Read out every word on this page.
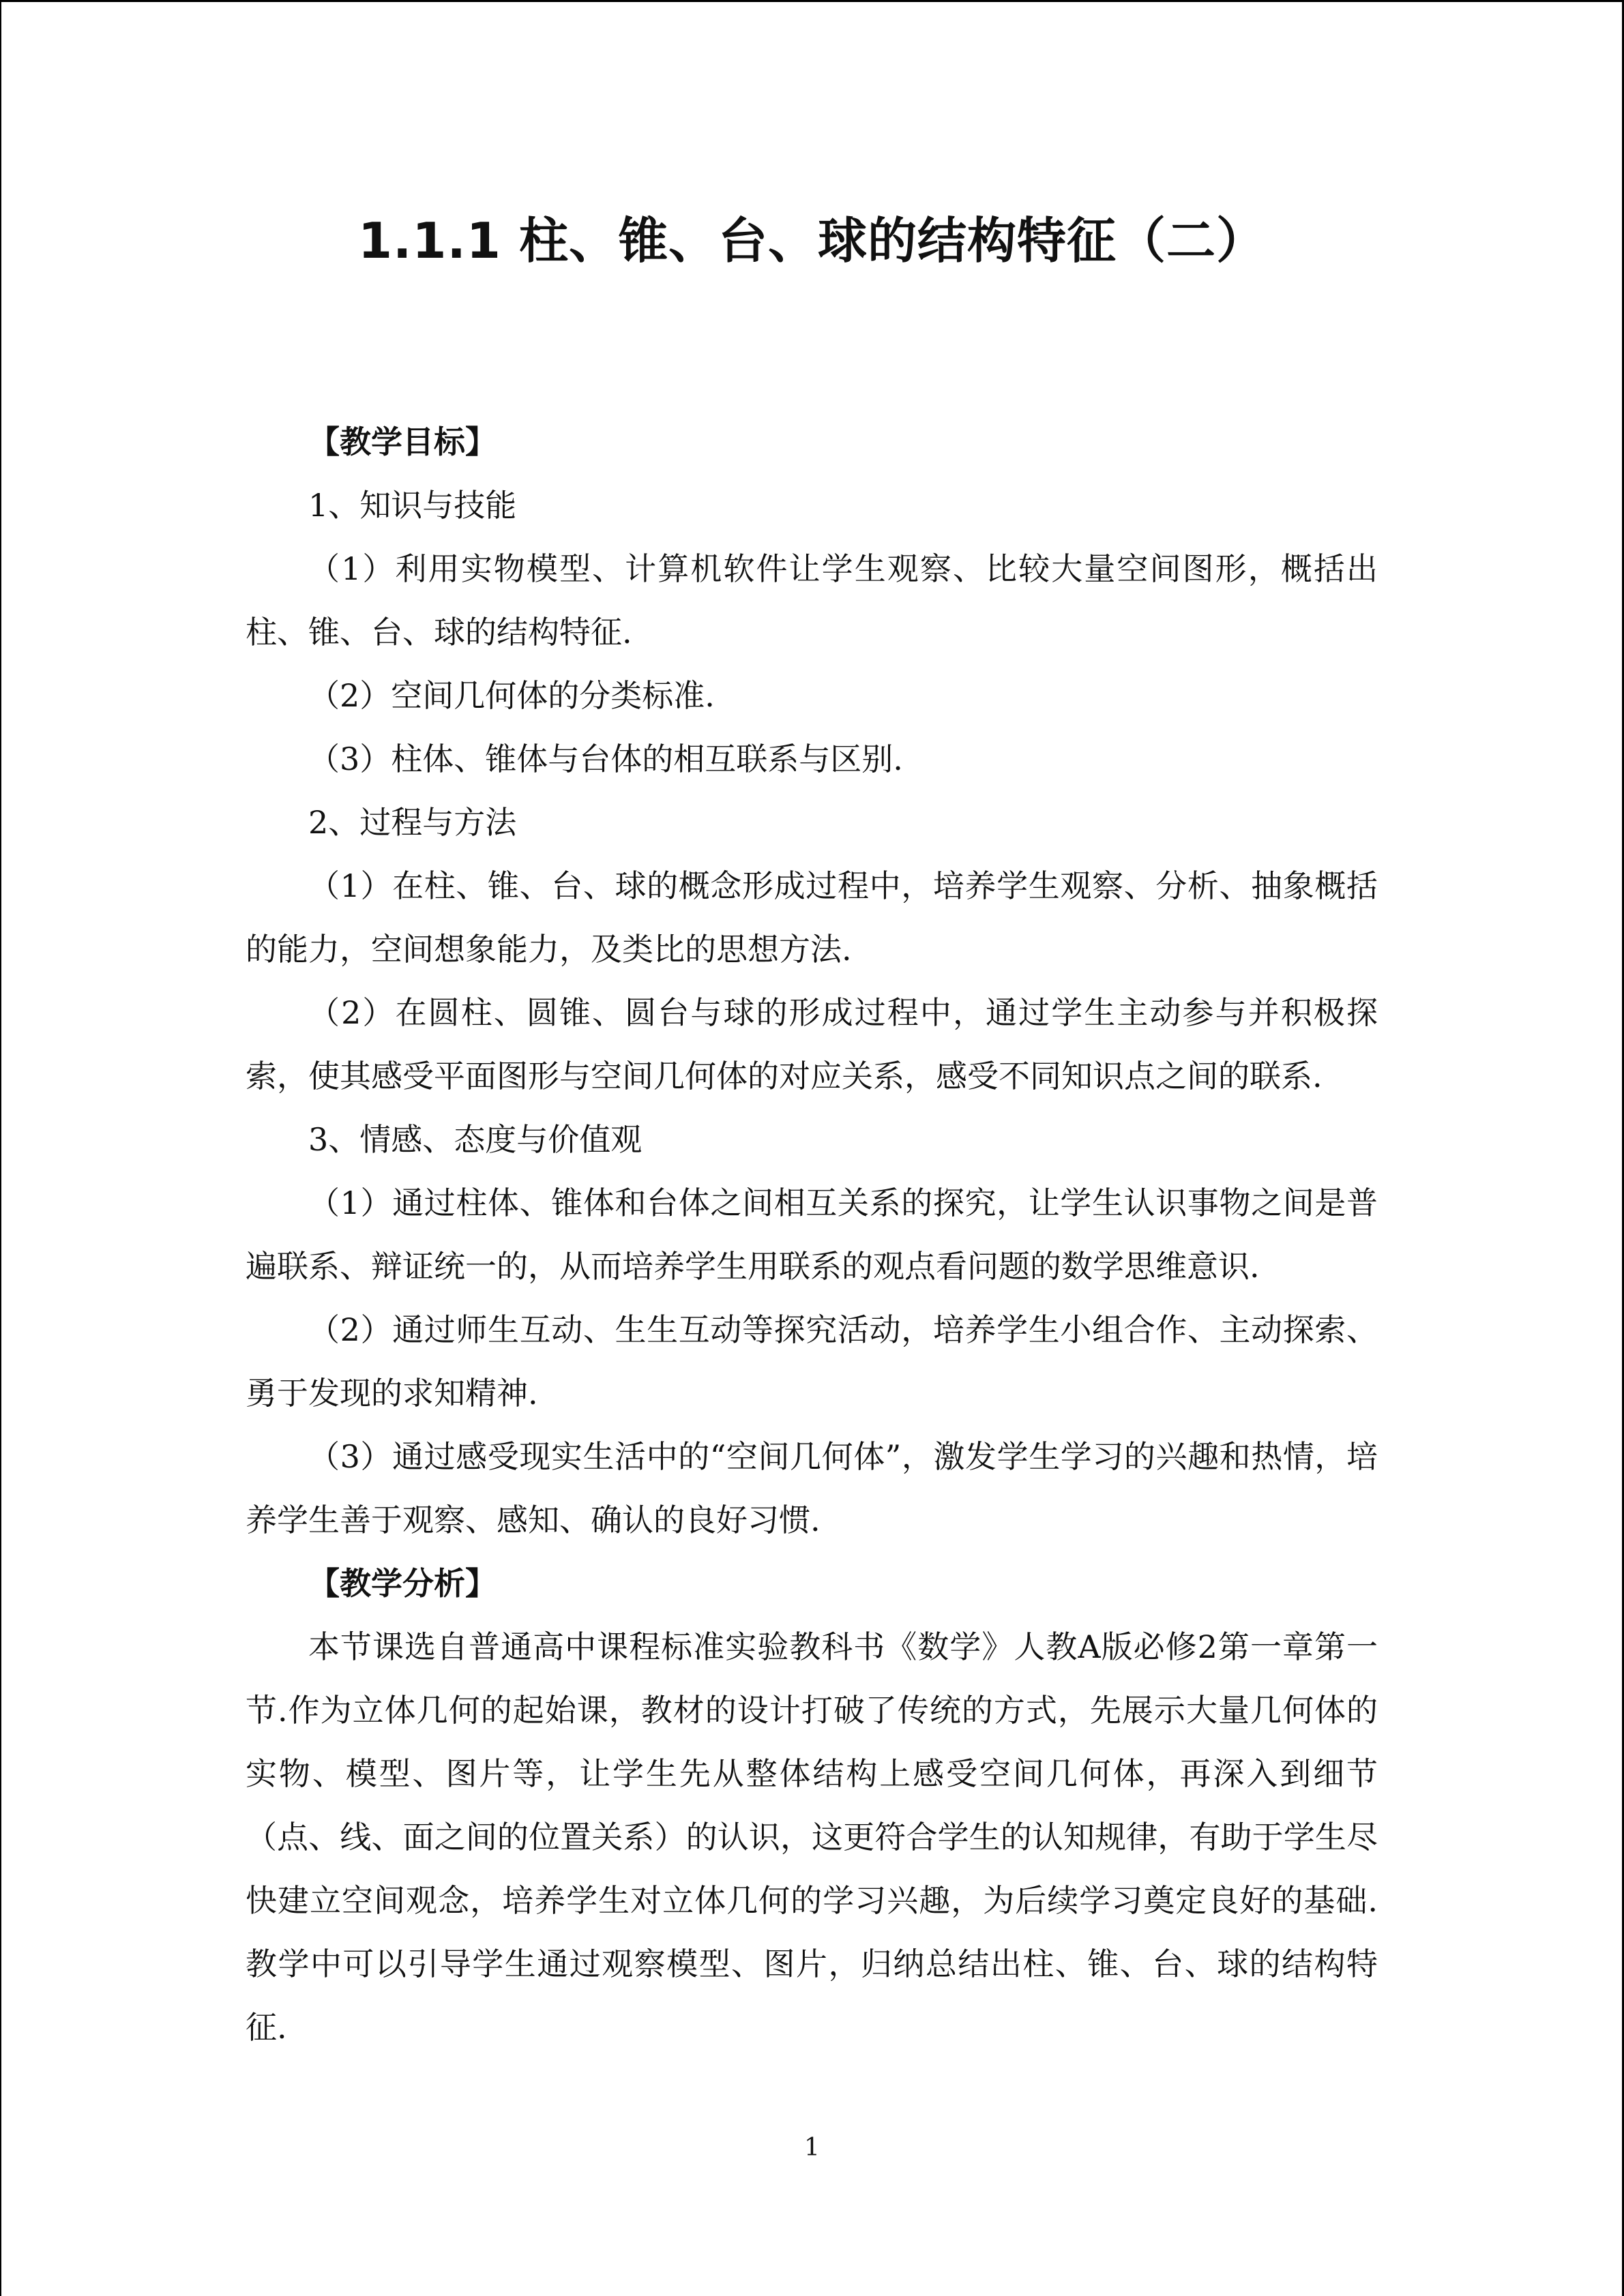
1.1.1 柱、锥、台、球的结构特征（二）

【教学目标】

1、知识与技能

（1）利用实物模型、计算机软件让学生观察、比较大量空间图形，概括出柱、锥、台、球的结构特征.

（2）空间几何体的分类标准.

（3）柱体、锥体与台体的相互联系与区别.

2、过程与方法

（1）在柱、锥、台、球的概念形成过程中，培养学生观察、分析、抽象概括的能力，空间想象能力，及类比的思想方法.

（2）在圆柱、圆锥、圆台与球的形成过程中，通过学生主动参与并积极探索，使其感受平面图形与空间几何体的对应关系，感受不同知识点之间的联系.

3、情感、态度与价值观

（1）通过柱体、锥体和台体之间相互关系的探究，让学生认识事物之间是普遍联系、辩证统一的，从而培养学生用联系的观点看问题的数学思维意识.

（2）通过师生互动、生生互动等探究活动，培养学生小组合作、主动探索、勇于发现的求知精神.

（3）通过感受现实生活中的“空间几何体”，激发学生学习的兴趣和热情，培养学生善于观察、感知、确认的良好习惯.

【教学分析】

本节课选自普通高中课程标准实验教科书《数学》人教A版必修2第一章第一节.作为立体几何的起始课，教材的设计打破了传统的方式，先展示大量几何体的实物、模型、图片等，让学生先从整体结构上感受空间几何体，再深入到细节（点、线、面之间的位置关系）的认识，这更符合学生的认知规律，有助于学生尽快建立空间观念，培养学生对立体几何的学习兴趣，为后续学习奠定良好的基础.教学中可以引导学生通过观察模型、图片，归纳总结出柱、锥、台、球的结构特征.

1
